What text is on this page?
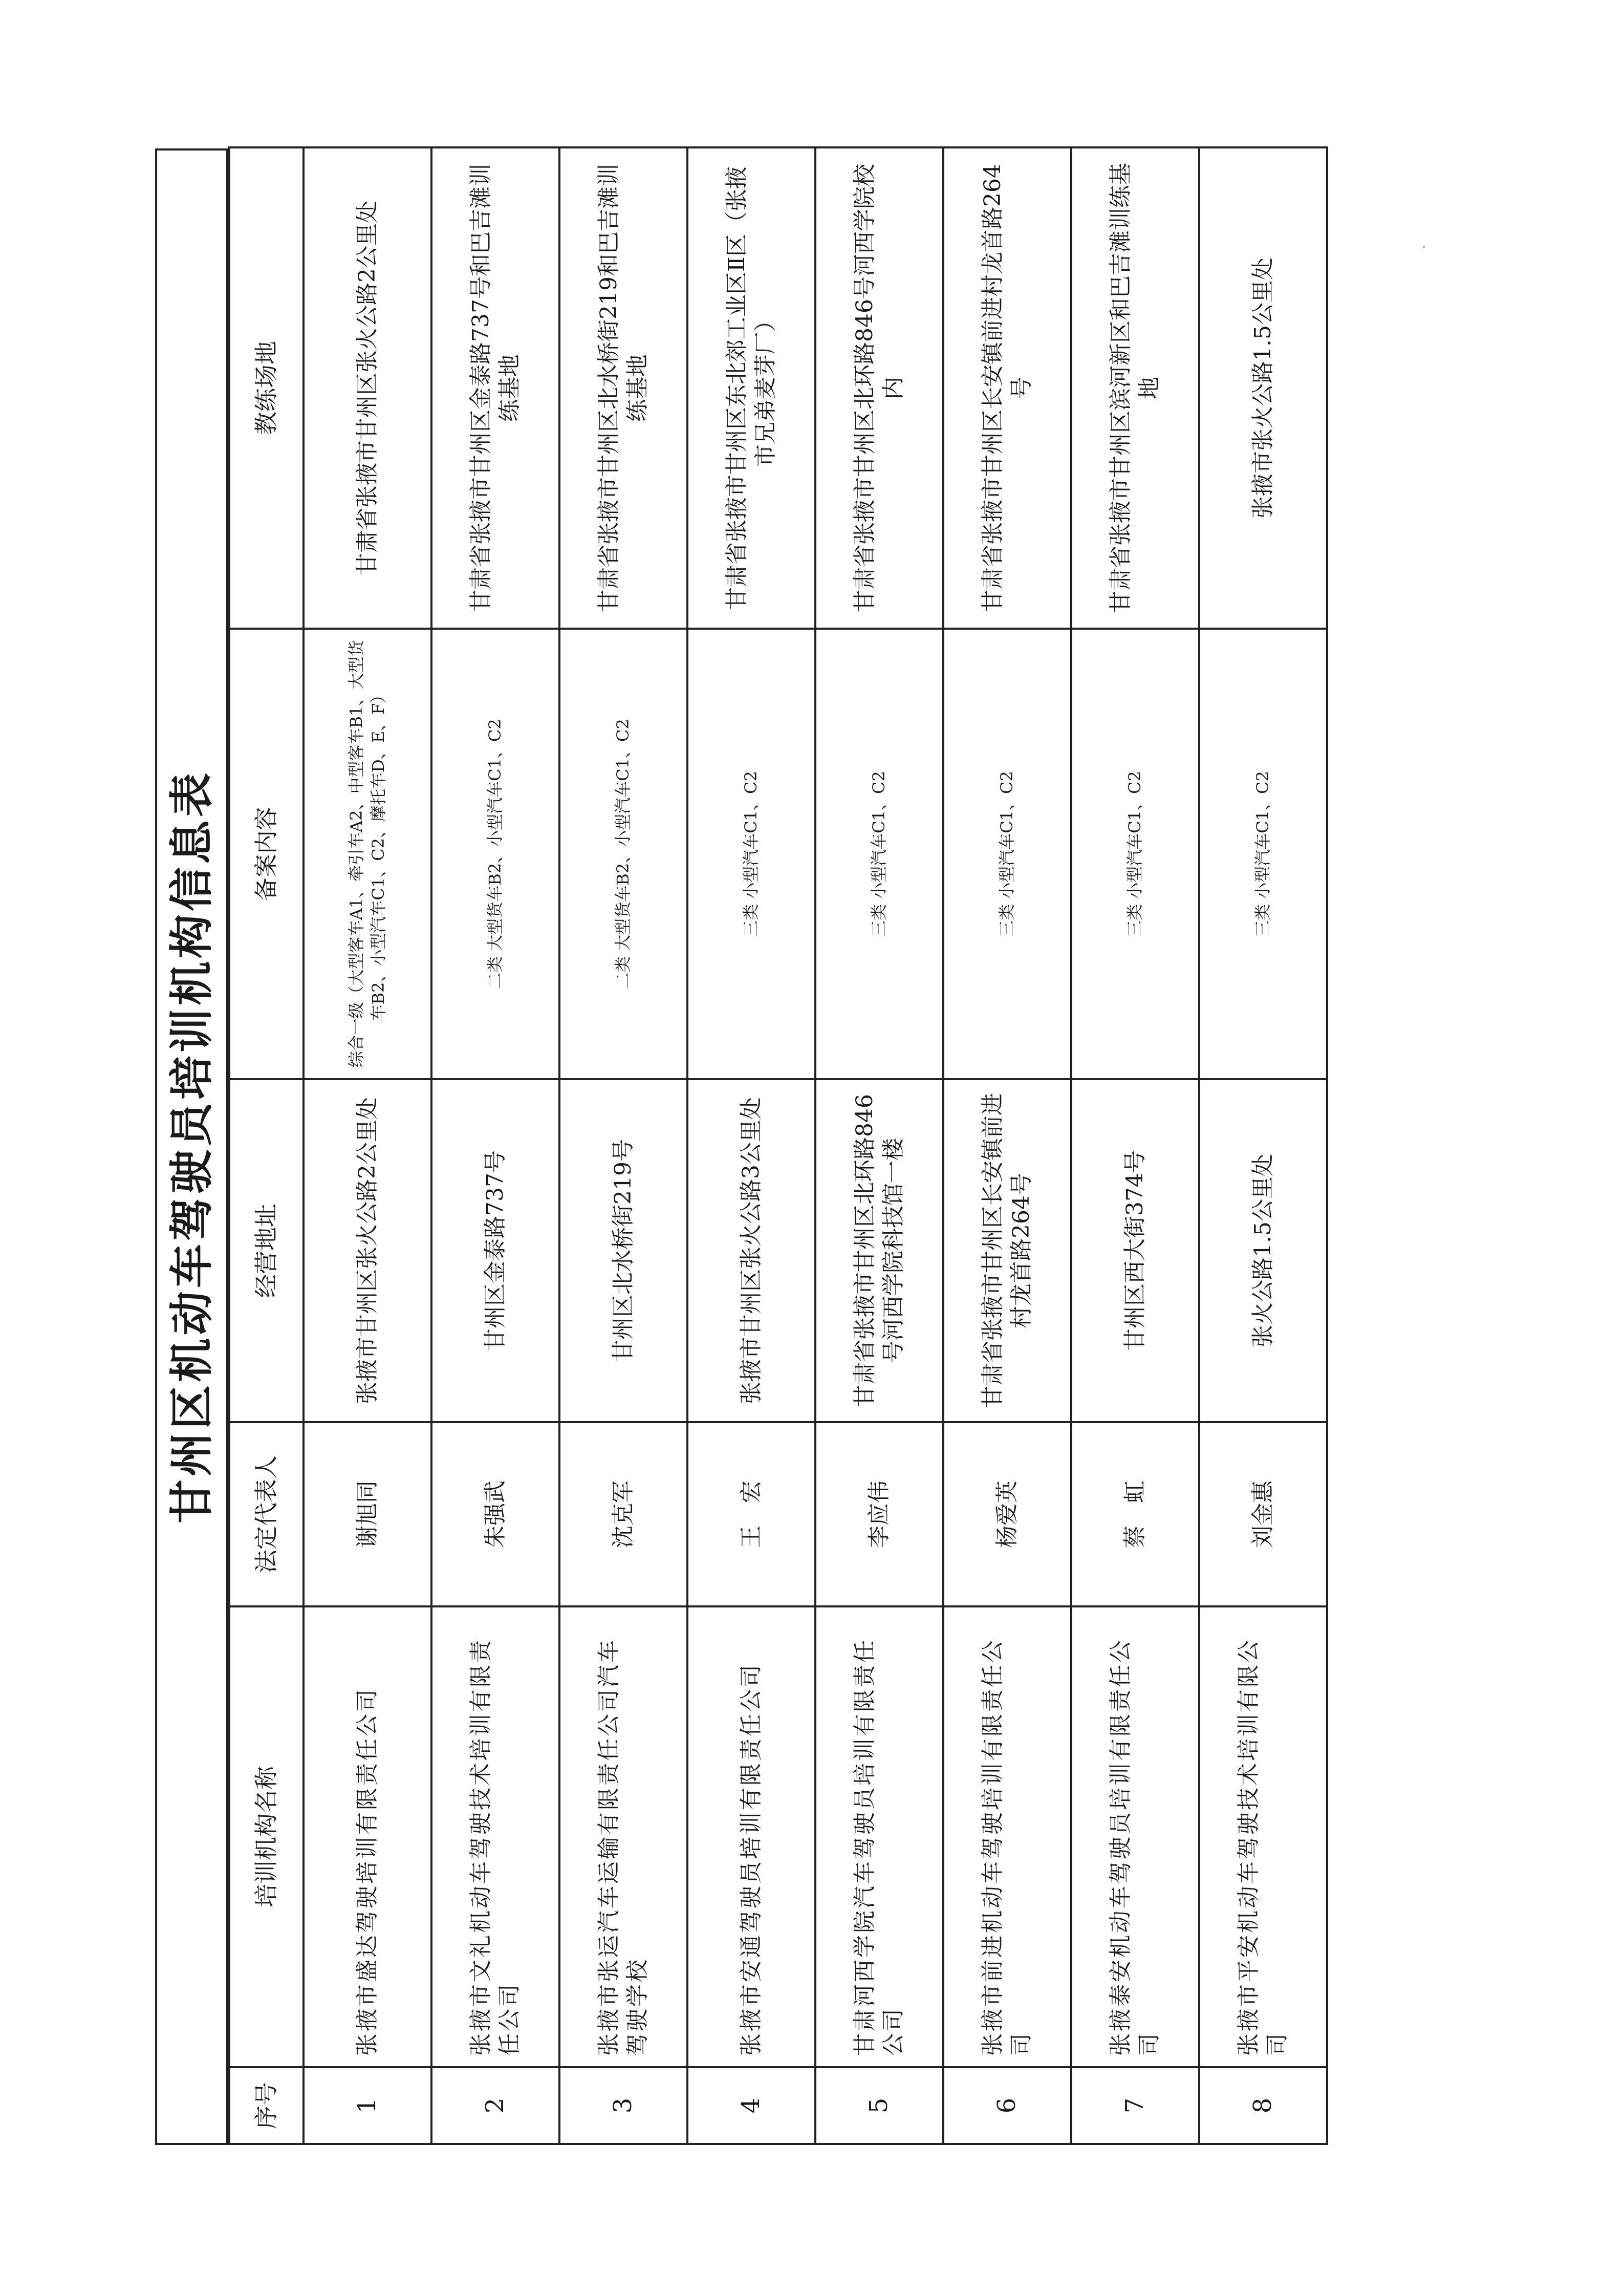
甘州区机动车驾驶员培训机构信息表
序号	培训机构名称	法定代表人	经营地址	备案内容	教练场地
1	张掖市盛达驾驶培训有限责任公司	谢旭同	张掖市甘州区张火公路2公里处	综合一级（大型客车A1、牵引车A2、中型客车B1、大型货车B2、小型汽车C1、C2、摩托车D、E、F）	甘肃省张掖市甘州区张火公路2公里处
2	张掖市文礼机动车驾驶技术培训有限责任公司	朱强武	甘州区金泰路737号	二类 大型货车B2、小型汽车C1、C2	甘肃省张掖市甘州区金泰路737号和巴吉滩训练基地
3	张掖市张运汽车运输有限责任公司汽车驾驶学校	沈克军	甘州区北水桥街219号	二类 大型货车B2、小型汽车C1、C2	甘肃省张掖市甘州区北水桥街219和巴吉滩训练基地
4	张掖市安通驾驶员培训有限责任公司	王　宏	张掖市甘州区张火公路3公里处	三类 小型汽车C1、C2	甘肃省张掖市甘州区东北郊工业区Ⅱ区（张掖市兄弟麦芽厂）
5	甘肃河西学院汽车驾驶员培训有限责任公司	李应伟	甘肃省张掖市甘州区北环路846号河西学院科技馆一楼	三类 小型汽车C1、C2	甘肃省张掖市甘州区北环路846号河西学院校内
6	张掖市前进机动车驾驶培训有限责任公司	杨爱英	甘肃省张掖市甘州区长安镇前进村龙首路264号	三类 小型汽车C1、C2	甘肃省张掖市甘州区长安镇前进村龙首路264号
7	张掖泰安机动车驾驶员培训有限责任公司	蔡　虹	甘州区西大街374号	三类 小型汽车C1、C2	甘肃省张掖市甘州区滨河新区和巴吉滩训练基地
8	张掖市平安机动车驾驶技术培训有限公司	刘金惠	张火公路1.5公里处	三类 小型汽车C1、C2	张掖市张火公路1.5公里处
